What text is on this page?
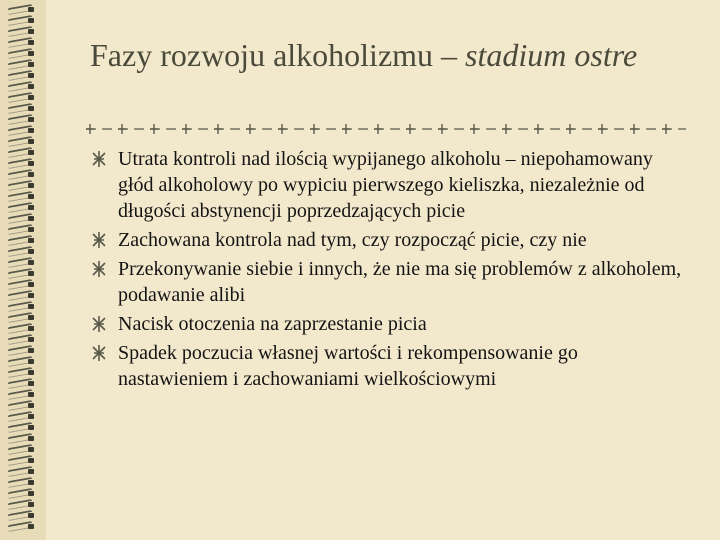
Fazy rozwoju alkoholizmu – stadium ostre
Utrata kontroli nad ilością wypijanego alkoholu – niepohamowany głód alkoholowy po wypiciu pierwszego kieliszka, niezależnie od długości abstynencji poprzedzających picie
Zachowana kontrola nad tym, czy rozpocząć picie, czy nie
Przekonywanie siebie i innych, że nie ma się problemów z alkoholem, podawanie alibi
Nacisk otoczenia na zaprzestanie picia
Spadek poczucia własnej wartości i rekompensowanie go nastawieniem i zachowaniami wielkościowymi
